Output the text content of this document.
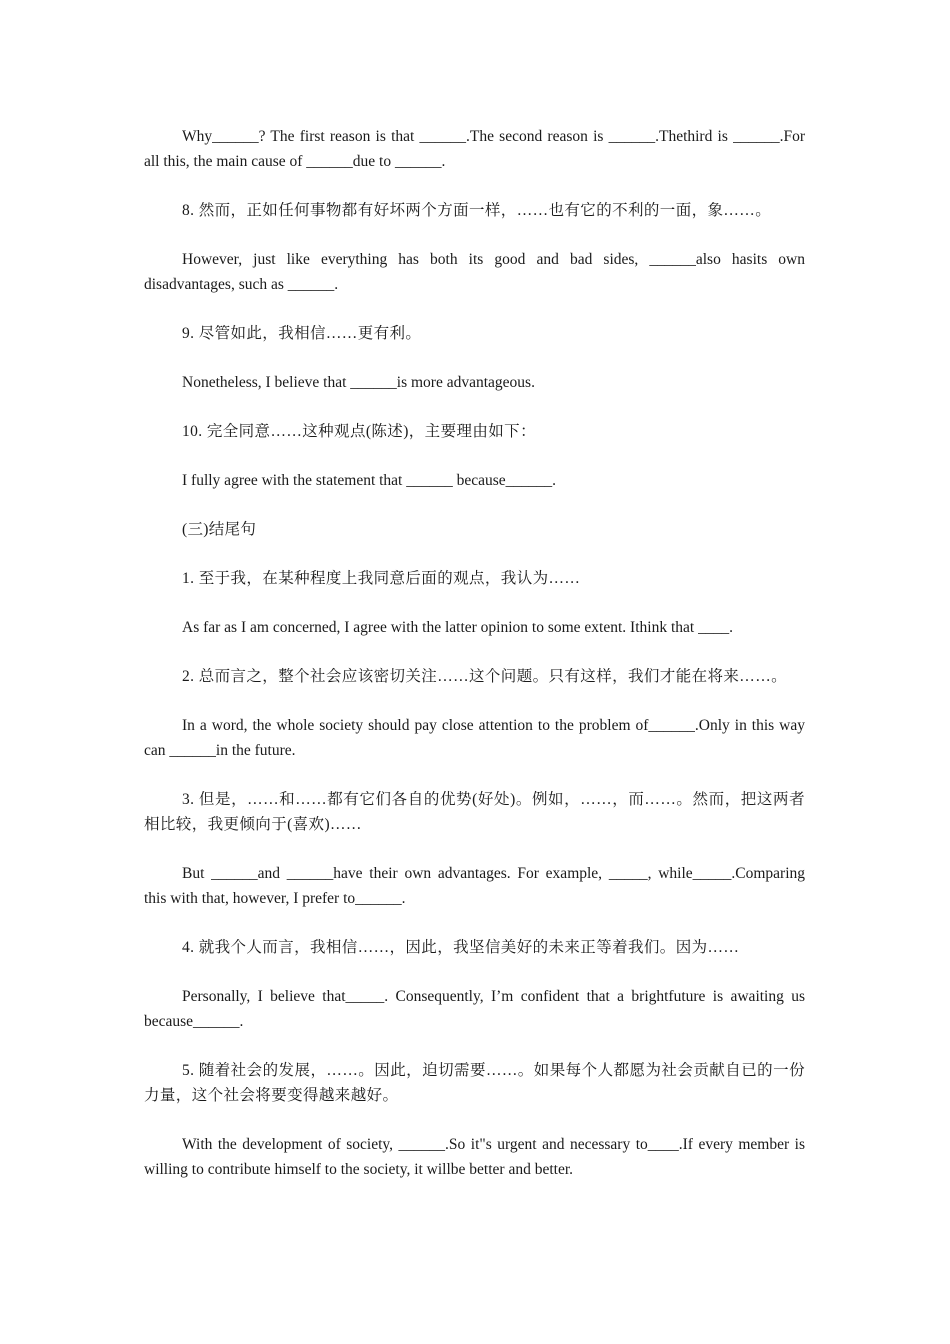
Why______? The first reason is that ______.The second reason is ______.Thethird is ______.For all this, the main cause of ______due to ______.

8. 然而，正如任何事物都有好坏两个方面一样，……也有它的不利的一面，象……。

However, just like everything has both its good and bad sides, ______also hasits own disadvantages, such as ______.

9. 尽管如此，我相信……更有利。

Nonetheless, I believe that ______is more advantageous.

10. 完全同意……这种观点(陈述)，主要理由如下：

I fully agree with the statement that ______ because______.

(三)结尾句

1. 至于我，在某种程度上我同意后面的观点，我认为……

As far as I am concerned, I agree with the latter opinion to some extent. Ithink that ____.

2. 总而言之，整个社会应该密切关注……这个问题。只有这样，我们才能在将来……。

In a word, the whole society should pay close attention to the problem of______.Only in this way can ______in the future.

3. 但是，……和……都有它们各自的优势(好处)。例如，……，而……。然而，把这两者相比较，我更倾向于(喜欢)……

But ______and ______have their own advantages. For example, _____, while_____.Comparing this with that, however, I prefer to______.

4. 就我个人而言，我相信……，因此，我坚信美好的未来正等着我们。因为……

Personally, I believe that_____. Consequently, I’m confident that a brightfuture is awaiting us because______.

5. 随着社会的发展，……。因此，迫切需要……。如果每个人都愿为社会贡献自已的一份力量，这个社会将要变得越来越好。

With the development of society, ______.So it"s urgent and necessary to____.If every member is willing to contribute himself to the society, it willbe better and better.
